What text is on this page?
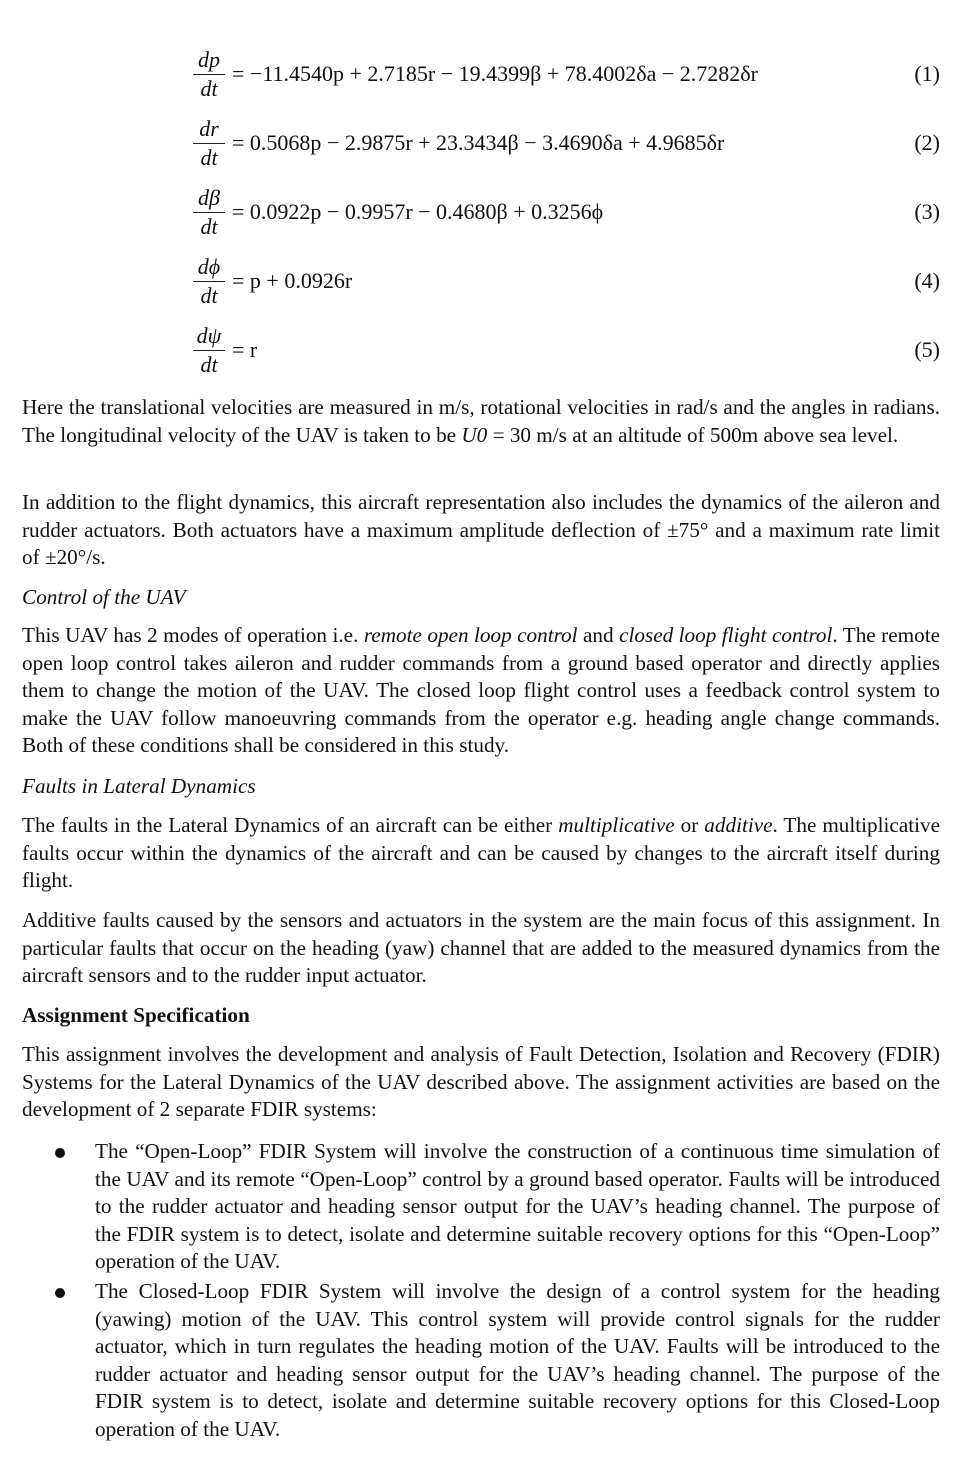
$\frac{dp}{dt} = -11.4540p + 2.7185r - 19.4399\beta + 78.4002\delta a - 2.7282\delta r$	(1)
$\frac{dr}{dt} = 0.5068p - 2.9875r + 23.3434\beta - 3.4690\delta a + 4.9685\delta r$	(2)
$\frac{d\beta}{dt} = 0.0922p - 0.9957r - 0.4680\beta + 0.3256\phi$	(3)
$\frac{d\phi}{dt} = p + 0.0926r$	(4)
$\frac{d\psi}{dt} = r$	(5)
Here the translational velocities are measured in m/s, rotational velocities in rad/s and the angles in radians. The longitudinal velocity of the UAV is taken to be U0 = 30 m/s at an altitude of 500m above sea level.
In addition to the flight dynamics, this aircraft representation also includes the dynamics of the aileron and rudder actuators. Both actuators have a maximum amplitude deflection of ±75° and a maximum rate limit of ±20°/s.
Control of the UAV
This UAV has 2 modes of operation i.e. remote open loop control and closed loop flight control. The remote open loop control takes aileron and rudder commands from a ground based operator and directly applies them to change the motion of the UAV. The closed loop flight control uses a feedback control system to make the UAV follow manoeuvring commands from the operator e.g. heading angle change commands. Both of these conditions shall be considered in this study.
Faults in Lateral Dynamics
The faults in the Lateral Dynamics of an aircraft can be either multiplicative or additive. The multiplicative faults occur within the dynamics of the aircraft and can be caused by changes to the aircraft itself during flight.
Additive faults caused by the sensors and actuators in the system are the main focus of this assignment. In particular faults that occur on the heading (yaw) channel that are added to the measured dynamics from the aircraft sensors and to the rudder input actuator.
Assignment Specification
This assignment involves the development and analysis of Fault Detection, Isolation and Recovery (FDIR) Systems for the Lateral Dynamics of the UAV described above. The assignment activities are based on the development of 2 separate FDIR systems:
The “Open-Loop” FDIR System will involve the construction of a continuous time simulation of the UAV and its remote “Open-Loop” control by a ground based operator. Faults will be introduced to the rudder actuator and heading sensor output for the UAV’s heading channel. The purpose of the FDIR system is to detect, isolate and determine suitable recovery options for this “Open-Loop” operation of the UAV.
The Closed-Loop FDIR System will involve the design of a control system for the heading (yawing) motion of the UAV. This control system will provide control signals for the rudder actuator, which in turn regulates the heading motion of the UAV. Faults will be introduced to the rudder actuator and heading sensor output for the UAV’s heading channel. The purpose of the FDIR system is to detect, isolate and determine suitable recovery options for this Closed-Loop operation of the UAV.
